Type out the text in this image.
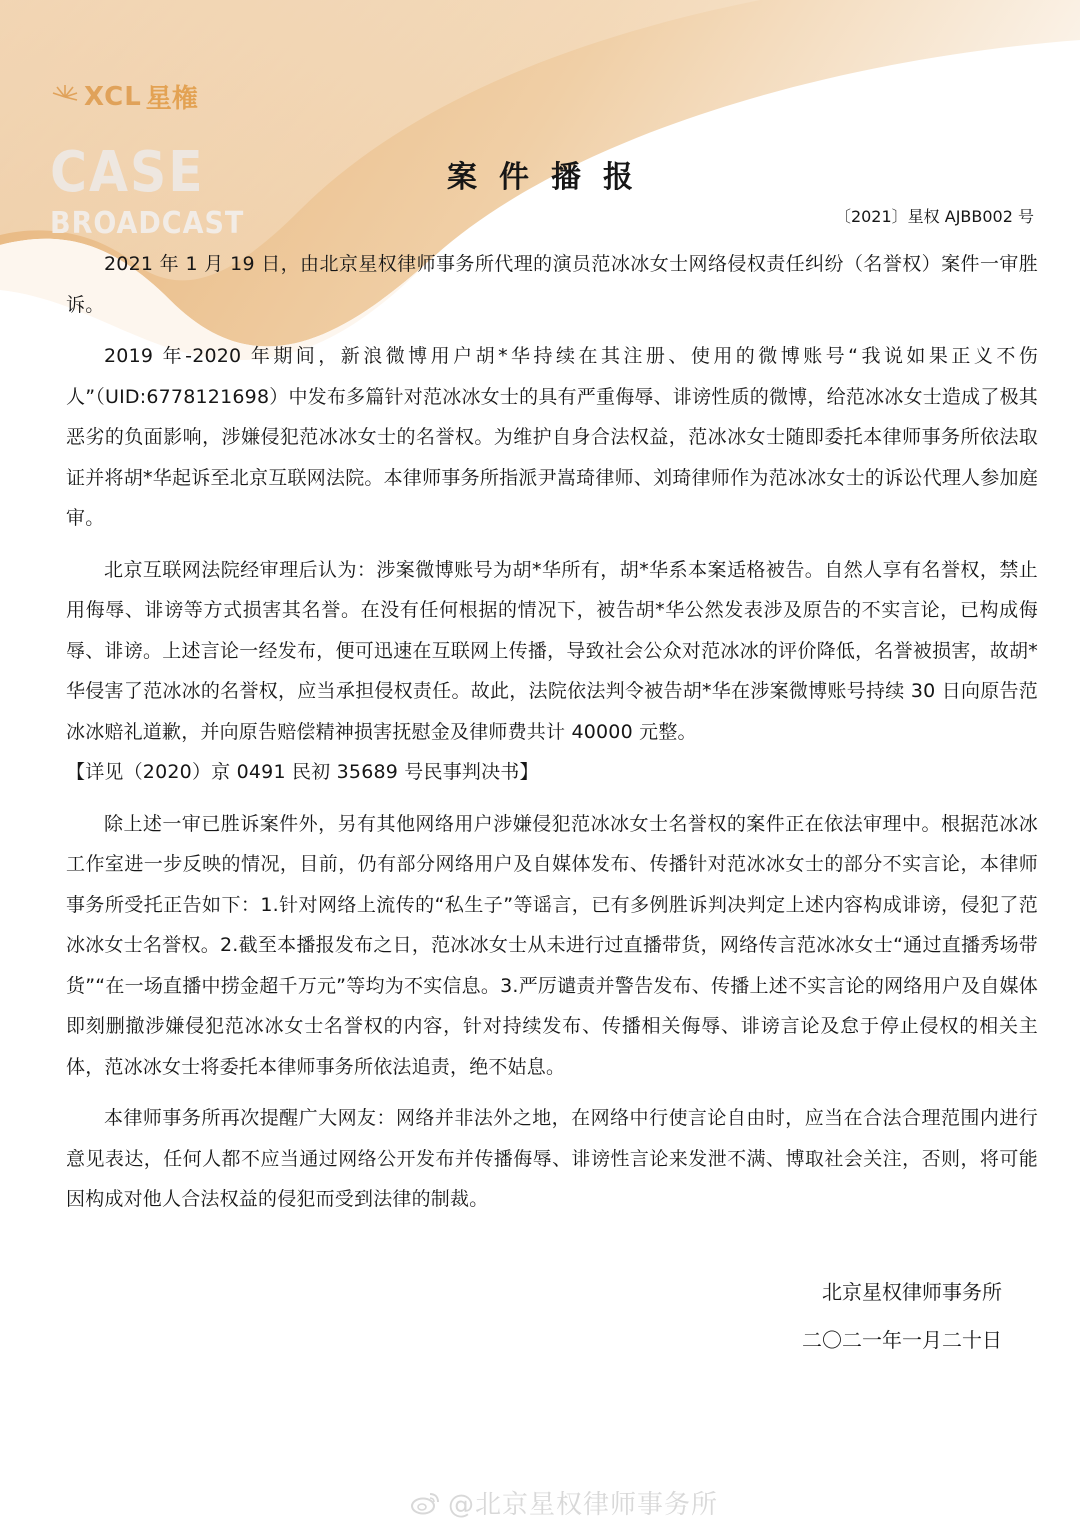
XCL 星権
CASE
BROADCAST
案件播报
〔2021〕星权 AJBB002 号

2021 年 1 月 19 日，由北京星权律师事务所代理的演员范冰冰女士网络侵权责任纠纷（名誉权）案件一审胜诉。

2019 年-2020 年期间，新浪微博用户胡*华持续在其注册、使用的微博账号“我说如果正义不伤人”（UID:6778121698）中发布多篇针对范冰冰女士的具有严重侮辱、诽谤性质的微博，给范冰冰女士造成了极其恶劣的负面影响，涉嫌侵犯范冰冰女士的名誉权。为维护自身合法权益，范冰冰女士随即委托本律师事务所依法取证并将胡*华起诉至北京互联网法院。本律师事务所指派尹嵩琦律师、刘琦律师作为范冰冰女士的诉讼代理人参加庭审。

北京互联网法院经审理后认为：涉案微博账号为胡*华所有，胡*华系本案适格被告。自然人享有名誉权，禁止用侮辱、诽谤等方式损害其名誉。在没有任何根据的情况下，被告胡*华公然发表涉及原告的不实言论，已构成侮辱、诽谤。上述言论一经发布，便可迅速在互联网上传播，导致社会公众对范冰冰的评价降低，名誉被损害，故胡*华侵害了范冰冰的名誉权，应当承担侵权责任。故此，法院依法判令被告胡*华在涉案微博账号持续 30 日向原告范冰冰赔礼道歉，并向原告赔偿精神损害抚慰金及律师费共计 40000 元整。

【详见（2020）京 0491 民初 35689 号民事判决书】

除上述一审已胜诉案件外，另有其他网络用户涉嫌侵犯范冰冰女士名誉权的案件正在依法审理中。根据范冰冰工作室进一步反映的情况，目前，仍有部分网络用户及自媒体发布、传播针对范冰冰女士的部分不实言论，本律师事务所受托正告如下：1.针对网络上流传的“私生子”等谣言，已有多例胜诉判决判定上述内容构成诽谤，侵犯了范冰冰女士名誉权。2.截至本播报发布之日，范冰冰女士从未进行过直播带货，网络传言范冰冰女士“通过直播秀场带货”“在一场直播中捞金超千万元”等均为不实信息。3.严厉谴责并警告发布、传播上述不实言论的网络用户及自媒体即刻删撤涉嫌侵犯范冰冰女士名誉权的内容，针对持续发布、传播相关侮辱、诽谤言论及怠于停止侵权的相关主体，范冰冰女士将委托本律师事务所依法追责，绝不姑息。

本律师事务所再次提醒广大网友：网络并非法外之地，在网络中行使言论自由时，应当在合法合理范围内进行意见表达，任何人都不应当通过网络公开发布并传播侮辱、诽谤性言论来发泄不满、博取社会关注，否则，将可能因构成对他人合法权益的侵犯而受到法律的制裁。

北京星权律师事务所
二〇二一年一月二十日
@北京星权律师事务所
